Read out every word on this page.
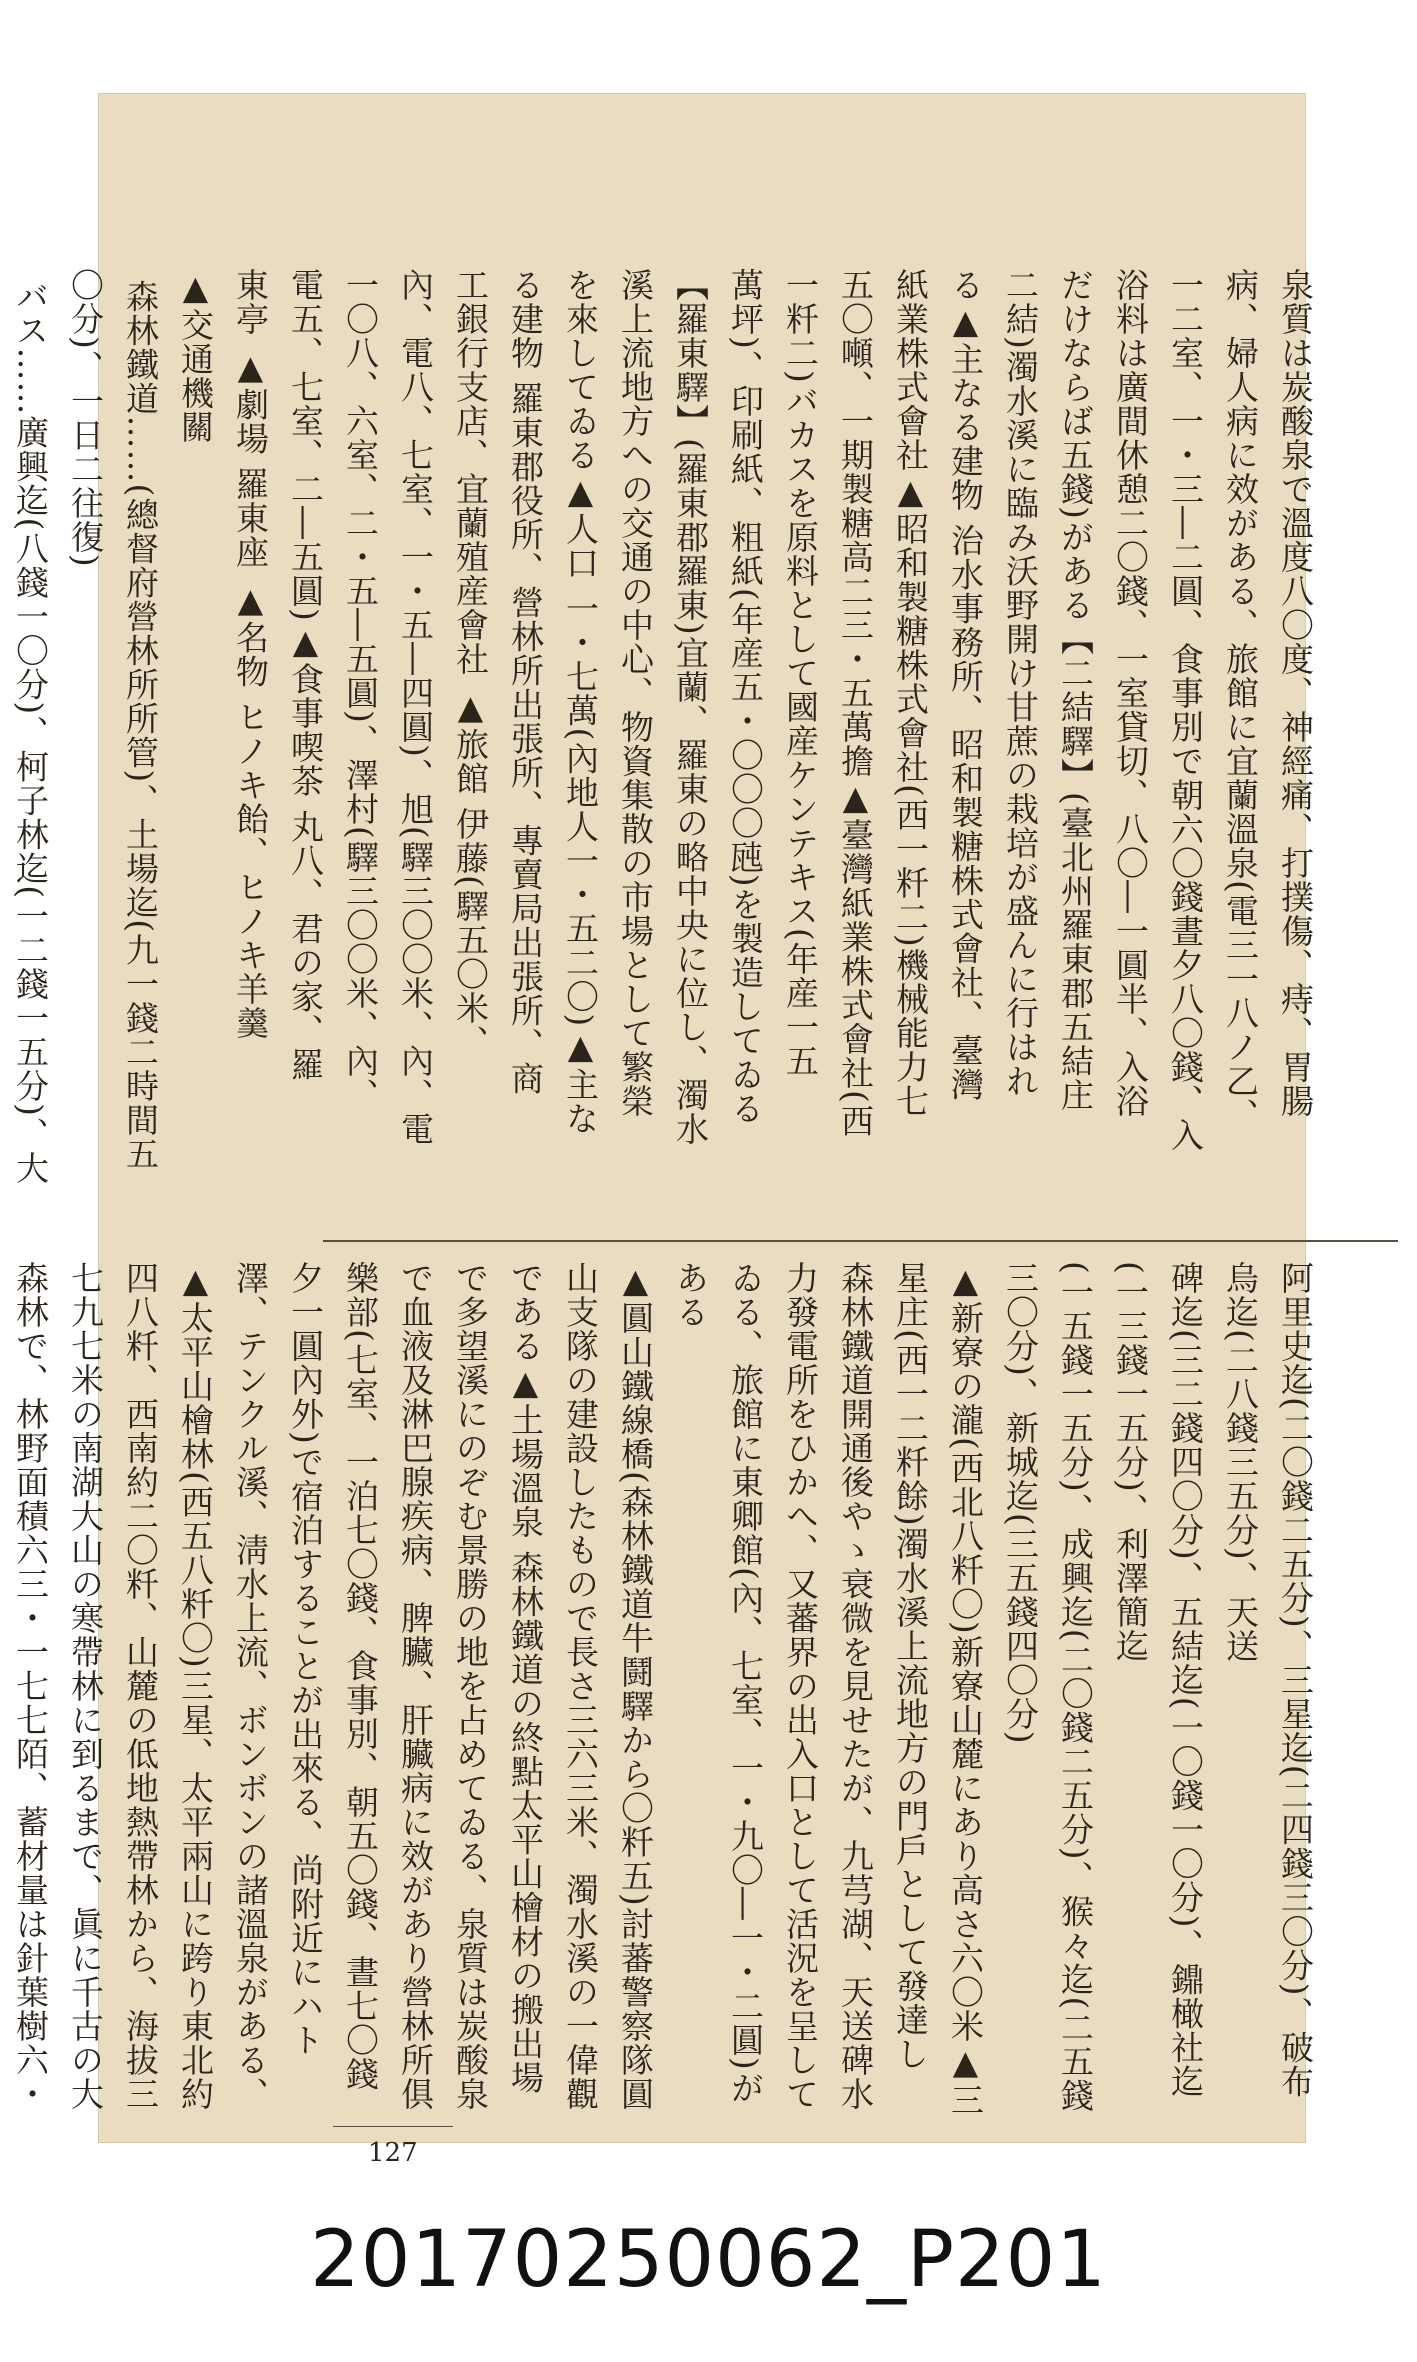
泉質は炭酸泉で溫度八〇度、神經痛、打撲傷、痔、胃腸
病、婦人病に效がある、旅館に宜蘭溫泉(電三一八ノ乙、
一二室、一・三―二圓、食事別で朝六〇錢晝夕八〇錢、入
浴料は廣間休憩二〇錢、一室貸切、八〇―一圓半、入浴
だけならば五錢)がある【二結驛】(臺北州羅東郡五結庄
二結)濁水溪に臨み沃野開け甘蔗の栽培が盛んに行はれ
る▲主なる建物 治水事務所、昭和製糖株式會社、臺灣
紙業株式會社▲昭和製糖株式會社(西一粁二)機械能力七
五〇噸、一期製糖高二三・五萬擔▲臺灣紙業株式會社(西
一粁二)バカスを原料として國産ケンテキス(年産一五
萬坪)、印刷紙、粗紙(年産五・〇〇〇瓲)を製造してゐる
【羅東驛】(羅東郡羅東)宜蘭、羅東の略中央に位し、濁水
溪上流地方への交通の中心、物資集散の市場として繁榮
を來してゐる▲人口 一・七萬(內地人一・五二〇)▲主な
る建物 羅東郡役所、營林所出張所、專賣局出張所、商
工銀行支店、宜蘭殖産會社 ▲旅館 伊藤(驛五〇米、
內、電八、七室、一・五―四圓)、旭(驛三〇〇米、內、電
一〇八、六室、二・五―五圓)、澤村(驛三〇〇米、內、
電五、七室、二―五圓)▲食事喫茶 丸八、君の家、羅
東亭 ▲劇場 羅東座 ▲名物 ヒノキ飴、ヒノキ羊羹
▲交通機關
森林鐵道……(總督府營林所所管)、土場迄(九一錢二時間五〇分)、一日二往復)
バス……廣興迄(八錢一〇分)、柯子林迄(一二錢一五分)、大
阿里史迄(二〇錢二五分)、三星迄(二四錢三〇分)、破布烏迄(二八錢三五分)、天送
碑迄(三二錢四〇分)、五結迄(一〇錢一〇分)、鐤橄社迄(一三錢一五分)、利澤簡迄
(一五錢一五分)、成興迄(二〇錢二五分)、猴々迄(二五錢三〇分)、新城迄(三五錢四〇分)
▲新寮の瀧(西北八粁〇)新寮山麓にあり高さ六〇米▲三
星庄(西一二粁餘)濁水溪上流地方の門戶として發達し
森林鐵道開通後やゝ衰微を見せたが、九芎湖、天送碑水
力發電所をひかへ、又蕃界の出入口として活況を呈して
ゐる、旅館に東卿館(內、七室、一・九〇―一・二圓)がある
▲圓山鐵線橋(森林鐵道牛鬪驛から〇粁五)討蕃警察隊圓
山支隊の建設したもので長さ三六三米、濁水溪の一偉觀
である▲土場溫泉 森林鐵道の終點太平山檜材の搬出場
で多望溪にのぞむ景勝の地を占めてゐる、泉質は炭酸泉
で血液及淋巴腺疾病、脾臟、肝臟病に效があり營林所俱
樂部(七室、一泊七〇錢、食事別、朝五〇錢、晝七〇錢
夕一圓內外)で宿泊することが出來る、尚附近にハト
澤、テンクル溪、淸水上流、ボンボンの諸溫泉がある、
▲太平山檜林(西五八粁〇)三星、太平兩山に跨り東北約
四八粁、西南約二〇粁、山麓の低地熱帶林から、海拔三
七九七米の南湖大山の寒帶林に到るまで、眞に千古の大
森林で、林野面積六三・一七七陌、蓄材量は針葉樹六・
127
20170250062_P201
